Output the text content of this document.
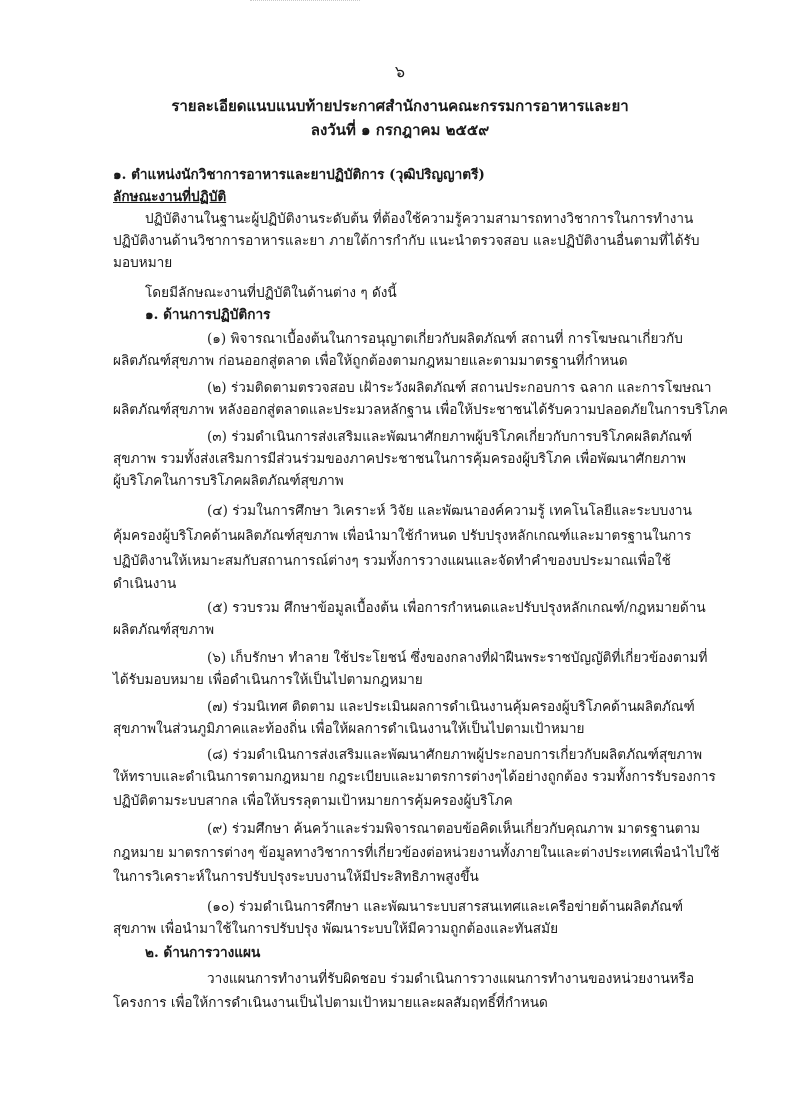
๖
รายละเอียดแนบแนบท้ายประกาศสำนักงานคณะกรรมการอาหารและยา
ลงวันที่ ๑ กรกฎาคม ๒๕๕๙
๑. ตำแหน่งนักวิชาการอาหารและยาปฏิบัติการ (วุฒิปริญญาตรี)
ลักษณะงานที่ปฏิบัติ
ปฏิบัติงานในฐานะผู้ปฏิบัติงานระดับต้น ที่ต้องใช้ความรู้ความสามารถทางวิชาการในการทำงาน
ปฏิบัติงานด้านวิชาการอาหารและยา ภายใต้การกำกับ แนะนำตรวจสอบ และปฏิบัติงานอื่นตามที่ได้รับ
มอบหมาย
โดยมีลักษณะงานที่ปฏิบัติในด้านต่าง ๆ ดังนี้
๑. ด้านการปฏิบัติการ
(๑) พิจารณาเบื้องต้นในการอนุญาตเกี่ยวกับผลิตภัณฑ์ สถานที่ การโฆษณาเกี่ยวกับ
ผลิตภัณฑ์สุขภาพ ก่อนออกสู่ตลาด เพื่อให้ถูกต้องตามกฎหมายและตามมาตรฐานที่กำหนด
(๒) ร่วมติดตามตรวจสอบ เฝ้าระวังผลิตภัณฑ์ สถานประกอบการ ฉลาก และการโฆษณา
ผลิตภัณฑ์สุขภาพ หลังออกสู่ตลาดและประมวลหลักฐาน เพื่อให้ประชาชนได้รับความปลอดภัยในการบริโภค
(๓) ร่วมดำเนินการส่งเสริมและพัฒนาศักยภาพผู้บริโภคเกี่ยวกับการบริโภคผลิตภัณฑ์
สุขภาพ รวมทั้งส่งเสริมการมีส่วนร่วมของภาคประชาชนในการคุ้มครองผู้บริโภค เพื่อพัฒนาศักยภาพ
ผู้บริโภคในการบริโภคผลิตภัณฑ์สุขภาพ
(๔) ร่วมในการศึกษา วิเคราะห์ วิจัย และพัฒนาองค์ความรู้ เทคโนโลยีและระบบงาน
คุ้มครองผู้บริโภคด้านผลิตภัณฑ์สุขภาพ เพื่อนำมาใช้กำหนด ปรับปรุงหลักเกณฑ์และมาตรฐานในการ
ปฏิบัติงานให้เหมาะสมกับสถานการณ์ต่างๆ รวมทั้งการวางแผนและจัดทำคำของบประมาณเพื่อใช้
ดำเนินงาน
(๕) รวบรวม ศึกษาข้อมูลเบื้องต้น เพื่อการกำหนดและปรับปรุงหลักเกณฑ์/กฎหมายด้าน
ผลิตภัณฑ์สุขภาพ
(๖) เก็บรักษา ทำลาย ใช้ประโยชน์ ซึ่งของกลางที่ฝ่าฝืนพระราชบัญญัติที่เกี่ยวข้องตามที่
ได้รับมอบหมาย เพื่อดำเนินการให้เป็นไปตามกฎหมาย
(๗) ร่วมนิเทศ ติดตาม และประเมินผลการดำเนินงานคุ้มครองผู้บริโภคด้านผลิตภัณฑ์
สุขภาพในส่วนภูมิภาคและท้องถิ่น เพื่อให้ผลการดำเนินงานให้เป็นไปตามเป้าหมาย
(๘) ร่วมดำเนินการส่งเสริมและพัฒนาศักยภาพผู้ประกอบการเกี่ยวกับผลิตภัณฑ์สุขภาพ
ให้ทราบและดำเนินการตามกฎหมาย กฎระเบียบและมาตรการต่างๆได้อย่างถูกต้อง รวมทั้งการรับรองการ
ปฏิบัติตามระบบสากล เพื่อให้บรรลุตามเป้าหมายการคุ้มครองผู้บริโภค
(๙) ร่วมศึกษา ค้นคว้าและร่วมพิจารณาตอบข้อคิดเห็นเกี่ยวกับคุณภาพ มาตรฐานตาม
กฎหมาย มาตรการต่างๆ ข้อมูลทางวิชาการที่เกี่ยวข้องต่อหน่วยงานทั้งภายในและต่างประเทศเพื่อนำไปใช้
ในการวิเคราะห์ในการปรับปรุงระบบงานให้มีประสิทธิภาพสูงขึ้น
(๑๐) ร่วมดำเนินการศึกษา และพัฒนาระบบสารสนเทศและเครือข่ายด้านผลิตภัณฑ์
สุขภาพ เพื่อนำมาใช้ในการปรับปรุง พัฒนาระบบให้มีความถูกต้องและทันสมัย
๒. ด้านการวางแผน
วางแผนการทำงานที่รับผิดชอบ ร่วมดำเนินการวางแผนการทำงานของหน่วยงานหรือ
โครงการ เพื่อให้การดำเนินงานเป็นไปตามเป้าหมายและผลสัมฤทธิ์ที่กำหนด
